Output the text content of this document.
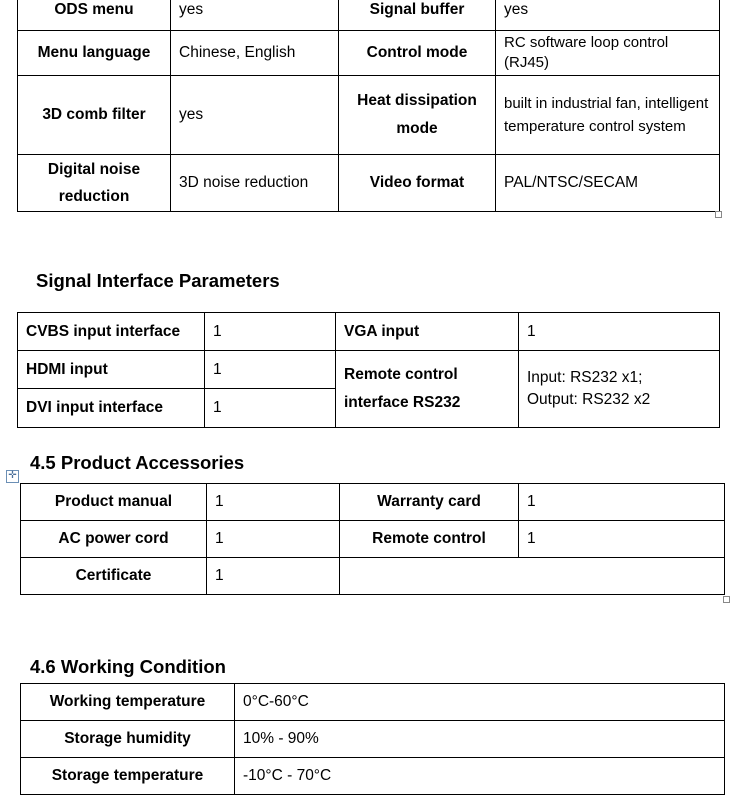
ODS menu	yes	Signal buffer	yes
Menu language	Chinese, English	Control mode	RC software loop control (RJ45)
3D comb filter	yes	Heat dissipation mode	built in industrial fan, intelligent temperature control system
Digital noise reduction	3D noise reduction	Video format	PAL/NTSC/SECAM
Signal Interface Parameters
CVBS input interface	1	VGA input	1
HDMI input	1	Remote control interface RS232	Input: RS232 x1;
Output: RS232 x2

DVI input interface	1		
4.5 Product Accessories
✛
Product manual	1	Warranty card	1
AC power cord	1	Remote control	1
Certificate	1		
4.6 Working Condition
Working temperature	0°C-60°C
Storage humidity	10% - 90%
Storage temperature	-10°C - 70°C
